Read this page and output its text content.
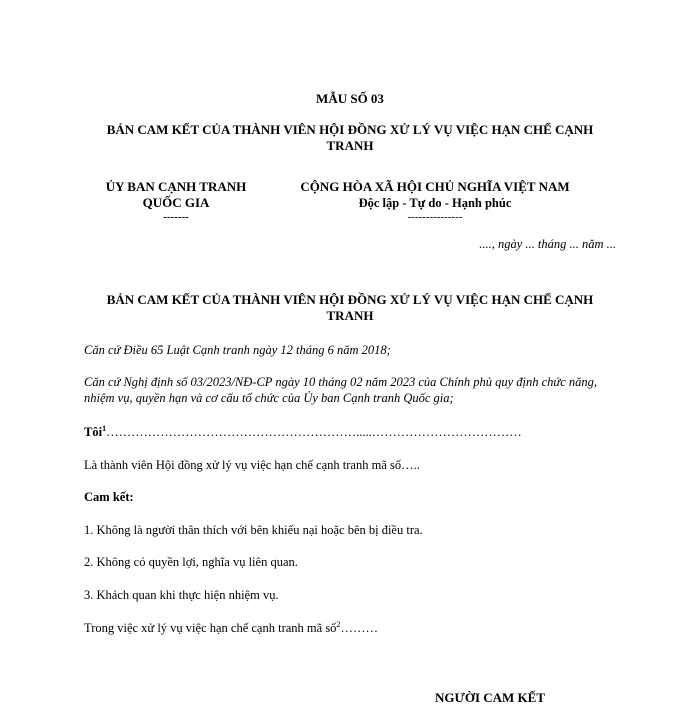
MẪU SỐ 03
BẢN CAM KẾT CỦA THÀNH VIÊN HỘI ĐỒNG XỬ LÝ VỤ VIỆC HẠN CHẾ CẠNH TRANH
ỦY BAN CẠNH TRANH
QUỐC GIA
-------
CỘNG HÒA XÃ HỘI CHỦ NGHĨA VIỆT NAM
Độc lập - Tự do - Hạnh phúc
---------------
...., ngày ... tháng ... năm ...
BẢN CAM KẾT CỦA THÀNH VIÊN HỘI ĐỒNG XỬ LÝ VỤ VIỆC HẠN CHẾ CẠNH TRANH
Căn cứ Điều 65 Luật Cạnh tranh ngày 12 tháng 6 năm 2018;
Căn cứ Nghị định số 03/2023/NĐ-CP ngày 10 tháng 02 năm 2023 của Chính phủ quy định chức năng, nhiệm vụ, quyền hạn và cơ cấu tổ chức của Ủy ban Cạnh tranh Quốc gia;
Tôi$^1$…………………………………………………….....………………………………
Là thành viên Hội đồng xử lý vụ việc hạn chế cạnh tranh mã số…..
Cam kết:
1. Không là người thân thích với bên khiếu nại hoặc bên bị điều tra.
2. Không có quyền lợi, nghĩa vụ liên quan.
3. Khách quan khi thực hiện nhiệm vụ.
Trong việc xử lý vụ việc hạn chế cạnh tranh mã số$^2$………
NGƯỜI CAM KẾT
